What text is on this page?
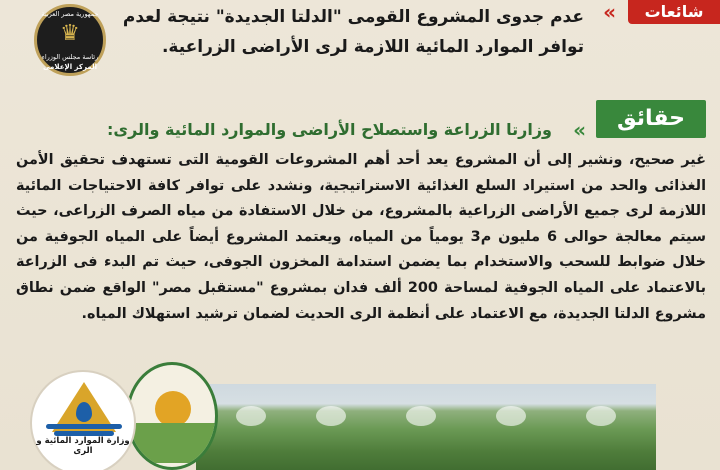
شائعات
«
عدم جدوى المشروع القومى "الدلتا الجديدة" نتيجة لعدم توافر الموارد المائية اللازمة لرى الأراضى الزراعية.
جمهورية مصر العربية
♛
رئاسة مجلس الوزراء
المركز الإعلامى
حقائق
«
وزارتا الزراعة واستصلاح الأراضى والموارد المائية والرى:
غير صحيح، ونشير إلى أن المشروع يعد أحد أهم المشروعات القومية التى تستهدف تحقيق الأمن الغذائى والحد من استيراد السلع الغذائية الاستراتيجية، ونشدد على توافر كافة الاحتياجات المائية اللازمة لرى جميع الأراضى الزراعية بالمشروع، من خلال الاستفادة من مياه الصرف الزراعى، حيث سيتم معالجة حوالى 6 مليون م3 يومياً من المياه، ويعتمد المشروع أيضاً على المياه الجوفية من خلال ضوابط للسحب والاستخدام بما يضمن استدامة المخزون الجوفى، حيث تم البدء فى الزراعة بالاعتماد على المياه الجوفية لمساحة 200 ألف فدان بمشروع "مستقبل مصر" الواقع ضمن نطاق مشروع الدلتا الجديدة، مع الاعتماد على أنظمة الرى الحديث لضمان ترشيد استهلاك المياه.
وزارة الموارد المائية و الرى
